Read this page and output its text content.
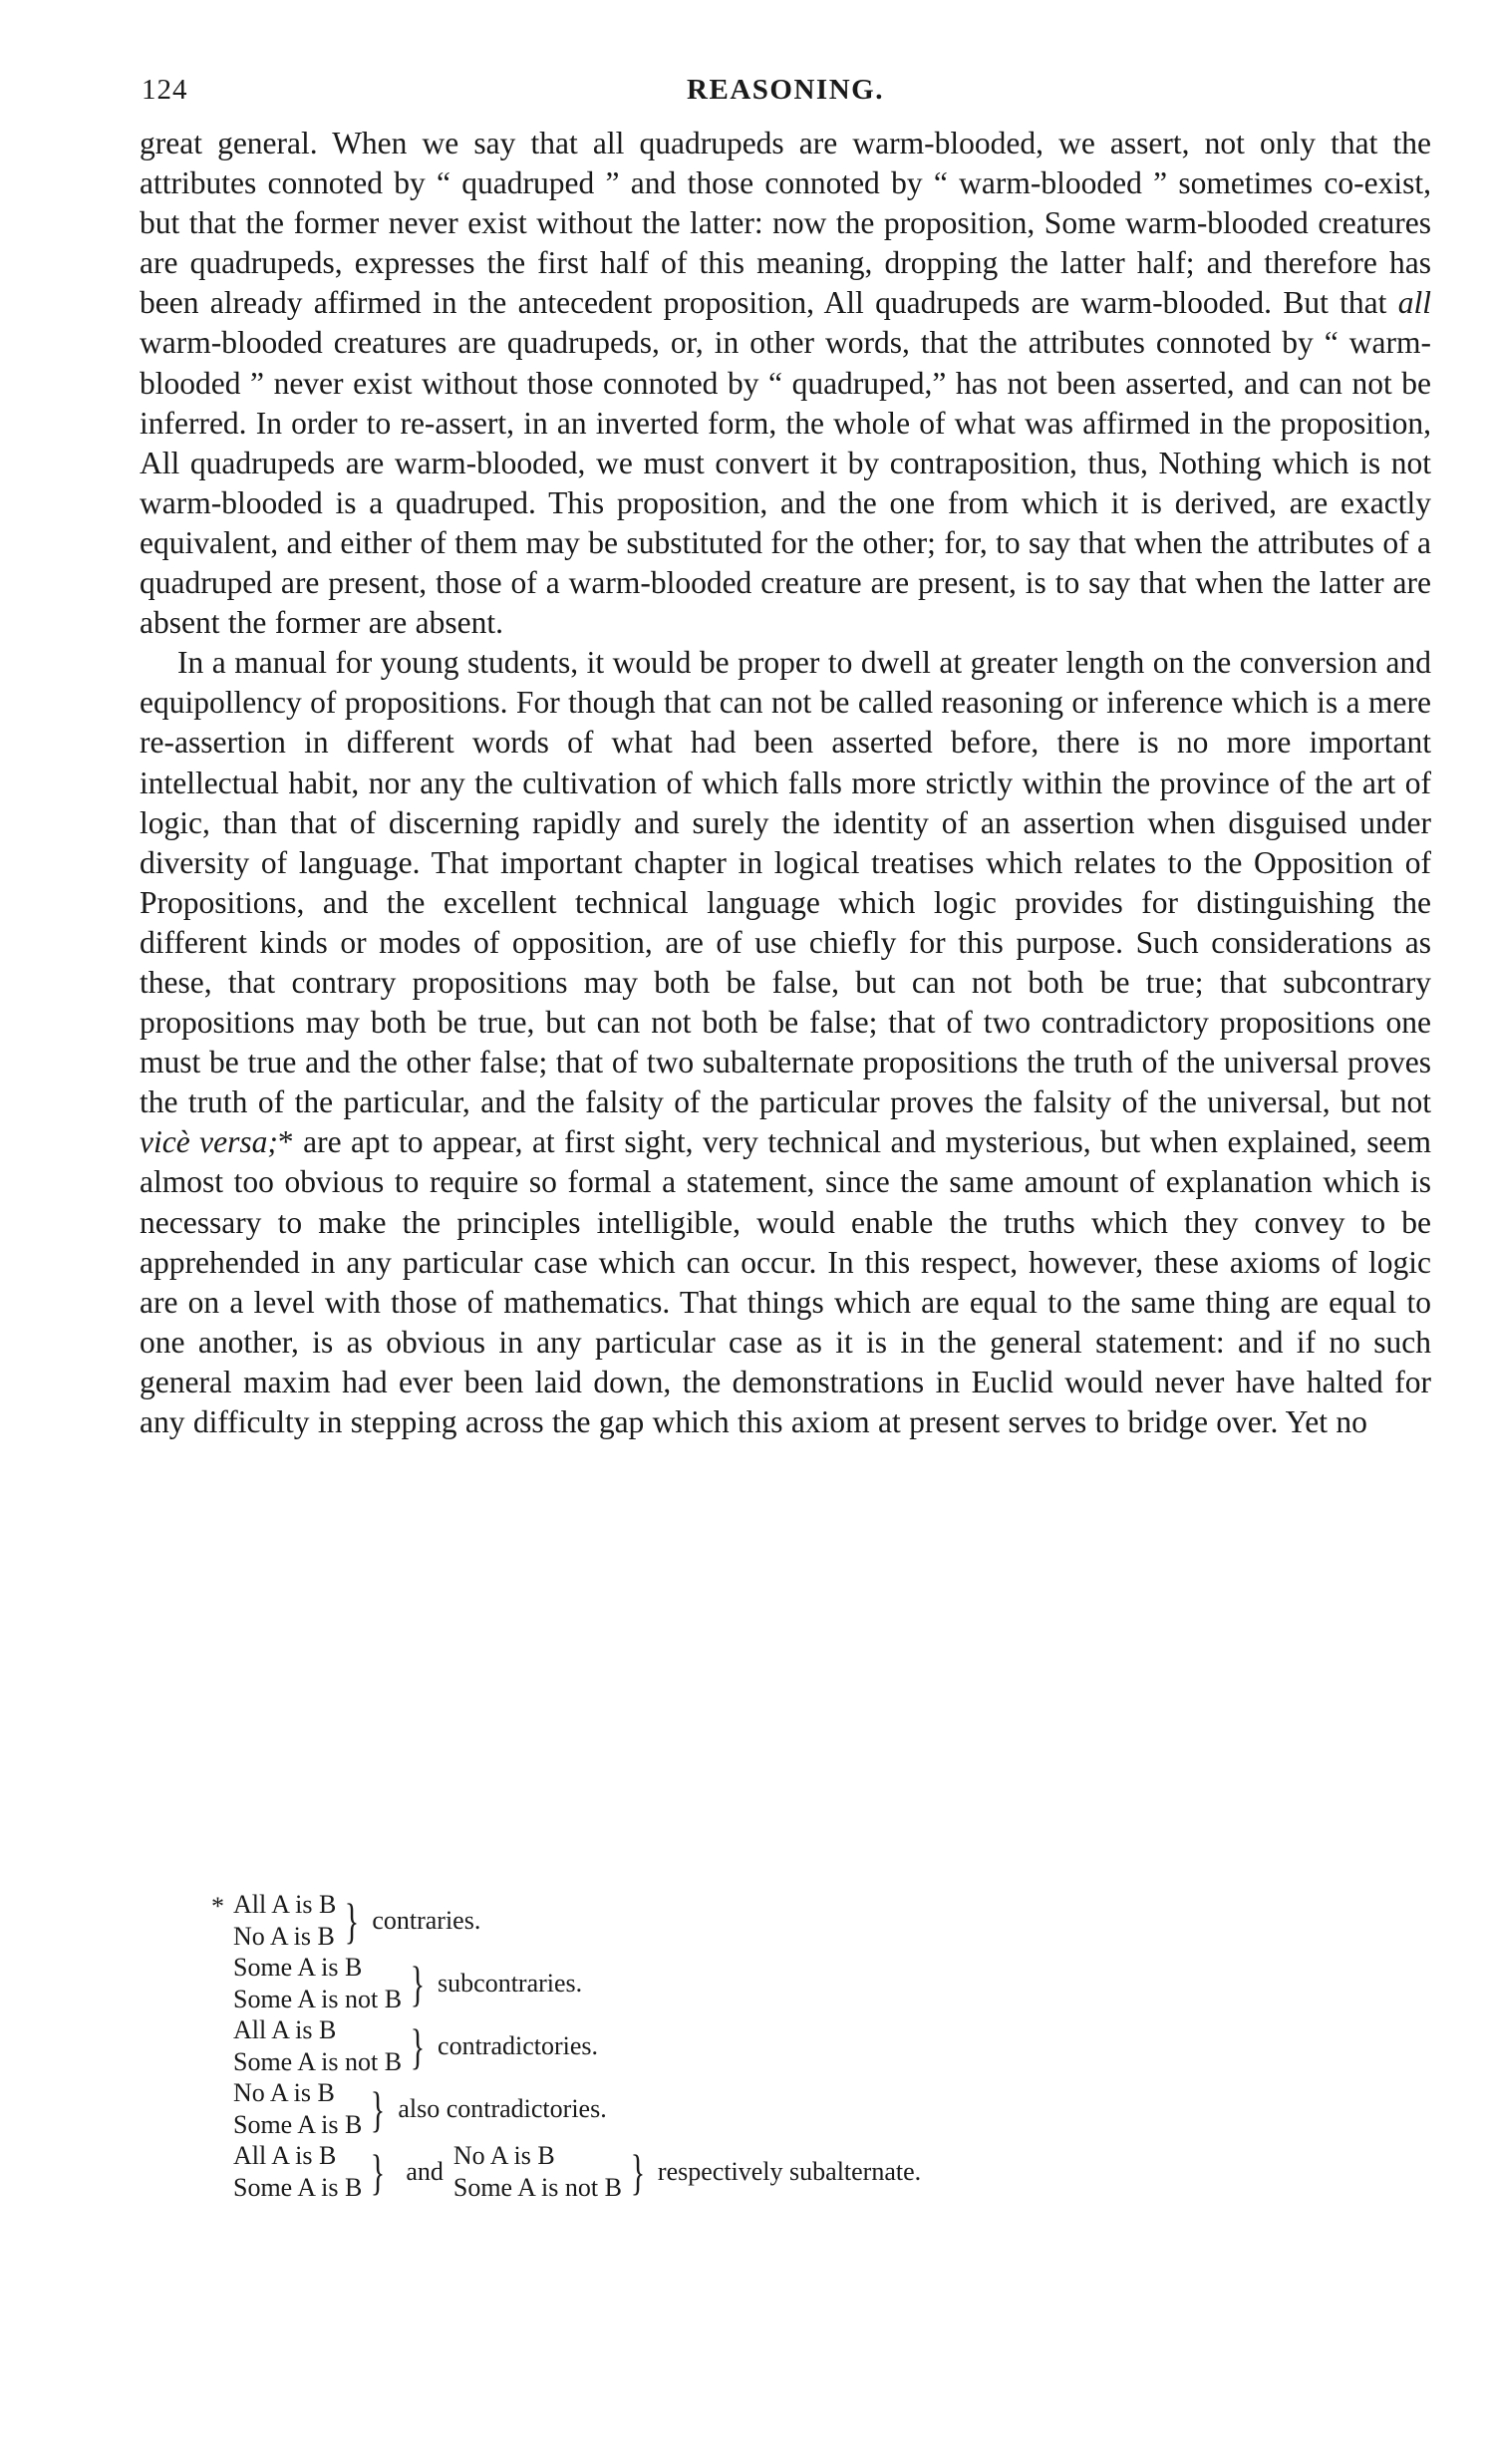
124	REASONING.

great general. When we say that all quadrupeds are warm-blooded, we assert, not only that the attributes connoted by “ quadruped ” and those connoted by “ warm-blooded ” sometimes co-exist, but that the former never exist without the latter: now the proposition, Some warm-blooded creatures are quadrupeds, expresses the first half of this meaning, dropping the latter half; and therefore has been already affirmed in the antecedent proposition, All quadrupeds are warm-blooded. But that all warm-blooded creatures are quadrupeds, or, in other words, that the attributes connoted by “ warm-blooded ” never exist without those connoted by “ quadruped,” has not been asserted, and can not be inferred. In order to re-assert, in an inverted form, the whole of what was affirmed in the proposition, All quadrupeds are warm-blooded, we must convert it by contraposition, thus, Nothing which is not warm-blooded is a quadruped. This proposition, and the one from which it is derived, are exactly equivalent, and either of them may be substituted for the other; for, to say that when the attributes of a quadruped are present, those of a warm-blooded creature are present, is to say that when the latter are absent the former are absent.

In a manual for young students, it would be proper to dwell at greater length on the conversion and equipollency of propositions. For though that can not be called reasoning or inference which is a mere re-assertion in different words of what had been asserted before, there is no more important intellectual habit, nor any the cultivation of which falls more strictly within the province of the art of logic, than that of discerning rapidly and surely the identity of an assertion when disguised under diversity of language. That important chapter in logical treatises which relates to the Opposition of Propositions, and the excellent technical language which logic provides for distinguishing the different kinds or modes of opposition, are of use chiefly for this purpose. Such considerations as these, that contrary propositions may both be false, but can not both be true; that subcontrary propositions may both be true, but can not both be false; that of two contradictory propositions one must be true and the other false; that of two subalternate propositions the truth of the universal proves the truth of the particular, and the falsity of the particular proves the falsity of the universal, but not vicè versa;* are apt to appear, at first sight, very technical and mysterious, but when explained, seem almost too obvious to require so formal a statement, since the same amount of explanation which is necessary to make the principles intelligible, would enable the truths which they convey to be apprehended in any particular case which can occur. In this respect, however, these axioms of logic are on a level with those of mathematics. That things which are equal to the same thing are equal to one another, is as obvious in any particular case as it is in the general statement: and if no such general maxim had ever been laid down, the demonstrations in Euclid would never have halted for any difficulty in stepping across the gap which this axiom at present serves to bridge over. Yet no

* All A is B
No A is B } contraries.
Some A is B
Some A is not B } subcontraries.
All A is B
Some A is not B } contradictories.
No A is B
Some A is B } also contradictories.
All A is B
Some A is B } and
No A is B
Some A is not B } respectively subalternate.
